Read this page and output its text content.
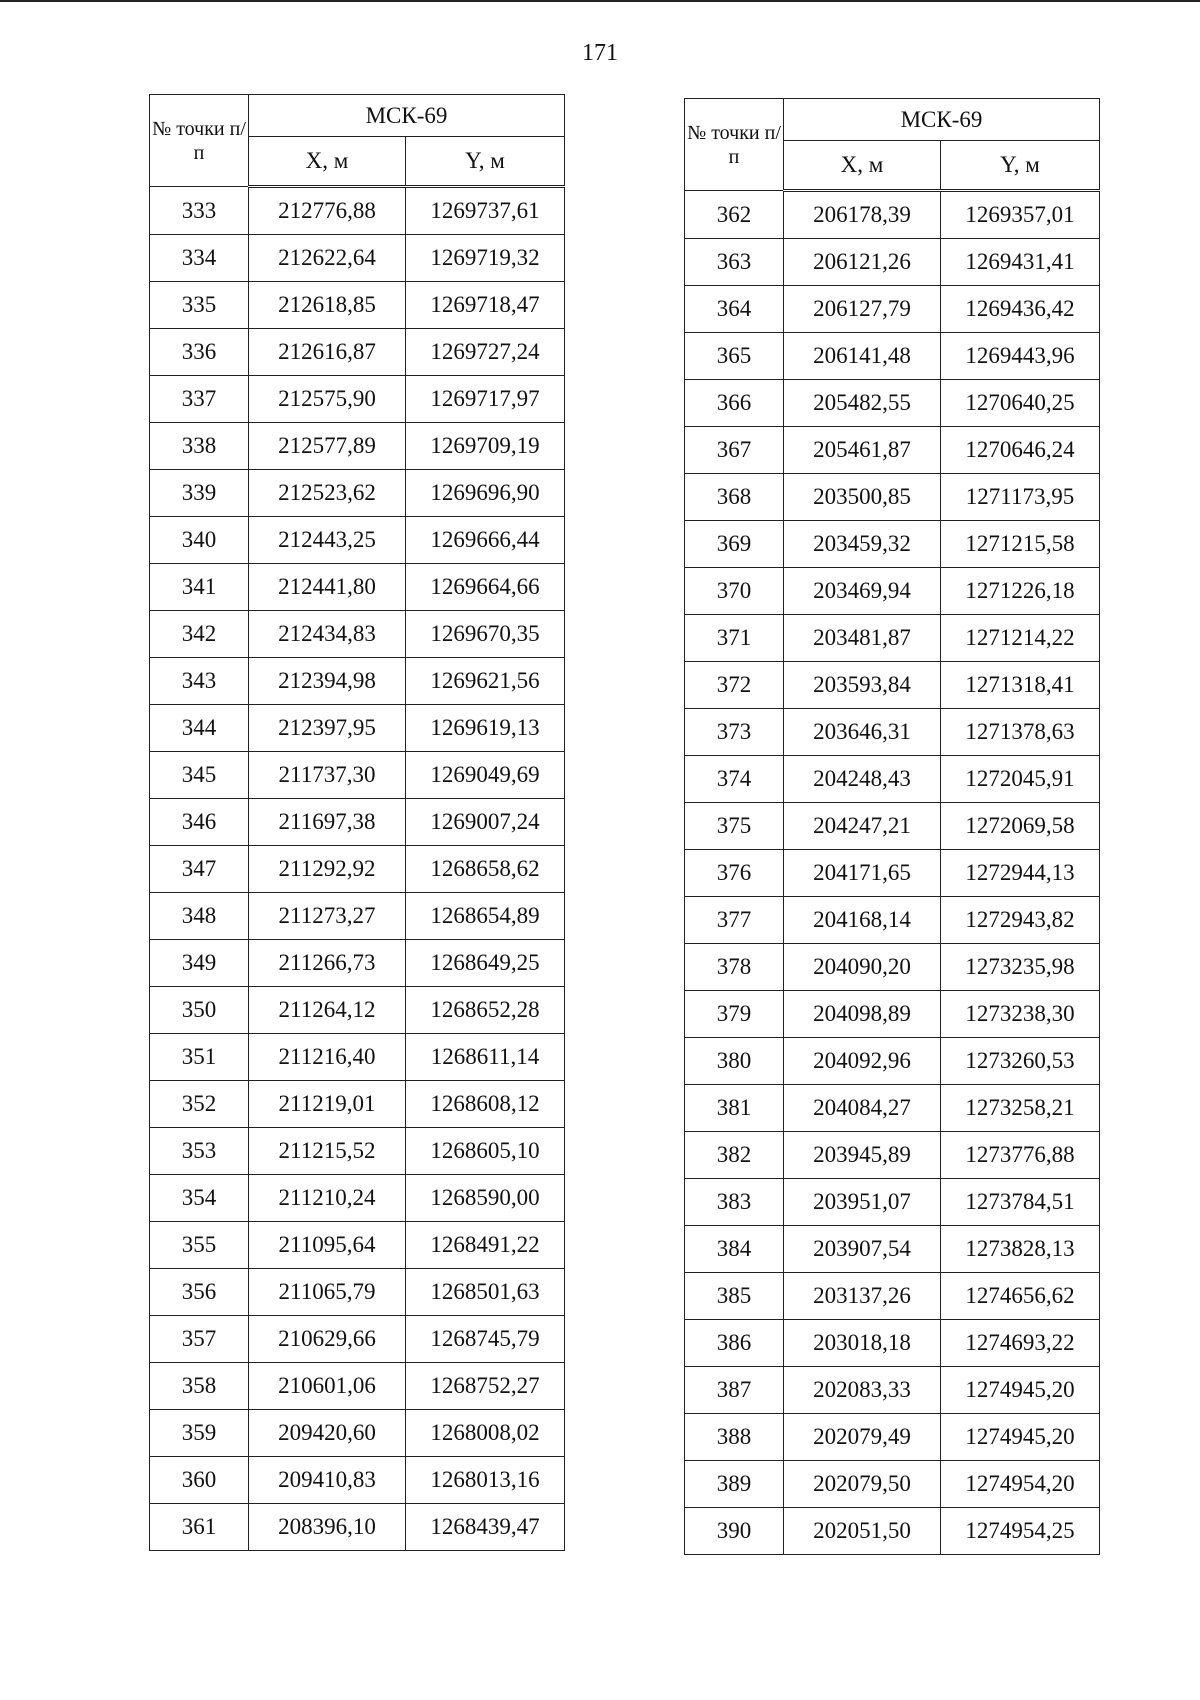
171
№ точки п/п	МСК-69	
	X, м	Y, м
333	212776,88	1269737,61
334	212622,64	1269719,32
335	212618,85	1269718,47
336	212616,87	1269727,24
337	212575,90	1269717,97
338	212577,89	1269709,19
339	212523,62	1269696,90
340	212443,25	1269666,44
341	212441,80	1269664,66
342	212434,83	1269670,35
343	212394,98	1269621,56
344	212397,95	1269619,13
345	211737,30	1269049,69
346	211697,38	1269007,24
347	211292,92	1268658,62
348	211273,27	1268654,89
349	211266,73	1268649,25
350	211264,12	1268652,28
351	211216,40	1268611,14
352	211219,01	1268608,12
353	211215,52	1268605,10
354	211210,24	1268590,00
355	211095,64	1268491,22
356	211065,79	1268501,63
357	210629,66	1268745,79
358	210601,06	1268752,27
359	209420,60	1268008,02
360	209410,83	1268013,16
361	208396,10	1268439,47
№ точки п/п	МСК-69	
	X, м	Y, м
362	206178,39	1269357,01
363	206121,26	1269431,41
364	206127,79	1269436,42
365	206141,48	1269443,96
366	205482,55	1270640,25
367	205461,87	1270646,24
368	203500,85	1271173,95
369	203459,32	1271215,58
370	203469,94	1271226,18
371	203481,87	1271214,22
372	203593,84	1271318,41
373	203646,31	1271378,63
374	204248,43	1272045,91
375	204247,21	1272069,58
376	204171,65	1272944,13
377	204168,14	1272943,82
378	204090,20	1273235,98
379	204098,89	1273238,30
380	204092,96	1273260,53
381	204084,27	1273258,21
382	203945,89	1273776,88
383	203951,07	1273784,51
384	203907,54	1273828,13
385	203137,26	1274656,62
386	203018,18	1274693,22
387	202083,33	1274945,20
388	202079,49	1274945,20
389	202079,50	1274954,20
390	202051,50	1274954,25
